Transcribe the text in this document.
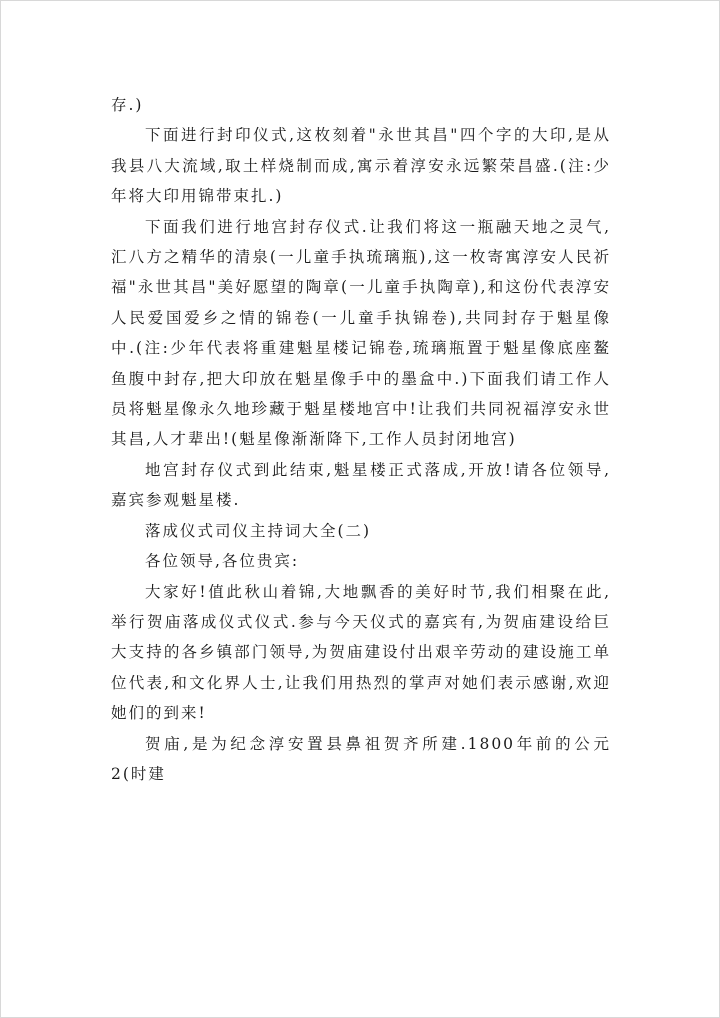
存.)

下面进行封印仪式,这枚刻着"永世其昌"四个字的大印,是从我县八大流域,取土样烧制而成,寓示着淳安永远繁荣昌盛.(注:少年将大印用锦带束扎.)

下面我们进行地宫封存仪式.让我们将这一瓶融天地之灵气,汇八方之精华的清泉(一儿童手执琉璃瓶),这一枚寄寓淳安人民祈福"永世其昌"美好愿望的陶章(一儿童手执陶章),和这份代表淳安人民爱国爱乡之情的锦卷(一儿童手执锦卷),共同封存于魁星像中.(注:少年代表将重建魁星楼记锦卷,琉璃瓶置于魁星像底座鳌鱼腹中封存,把大印放在魁星像手中的墨盒中.)下面我们请工作人员将魁星像永久地珍藏于魁星楼地宫中!让我们共同祝福淳安永世其昌,人才辈出!(魁星像渐渐降下,工作人员封闭地宫)

地宫封存仪式到此结束,魁星楼正式落成,开放!请各位领导,嘉宾参观魁星楼.

落成仪式司仪主持词大全(二)

各位领导,各位贵宾:

大家好!值此秋山着锦,大地飘香的美好时节,我们相聚在此,举行贺庙落成仪式仪式.参与今天仪式的嘉宾有,为贺庙建设给巨大支持的各乡镇部门领导,为贺庙建设付出艰辛劳动的建设施工单位代表,和文化界人士,让我们用热烈的掌声对她们表示感谢,欢迎她们的到来!

贺庙,是为纪念淳安置县鼻祖贺齐所建.1800年前的公元2(时建
